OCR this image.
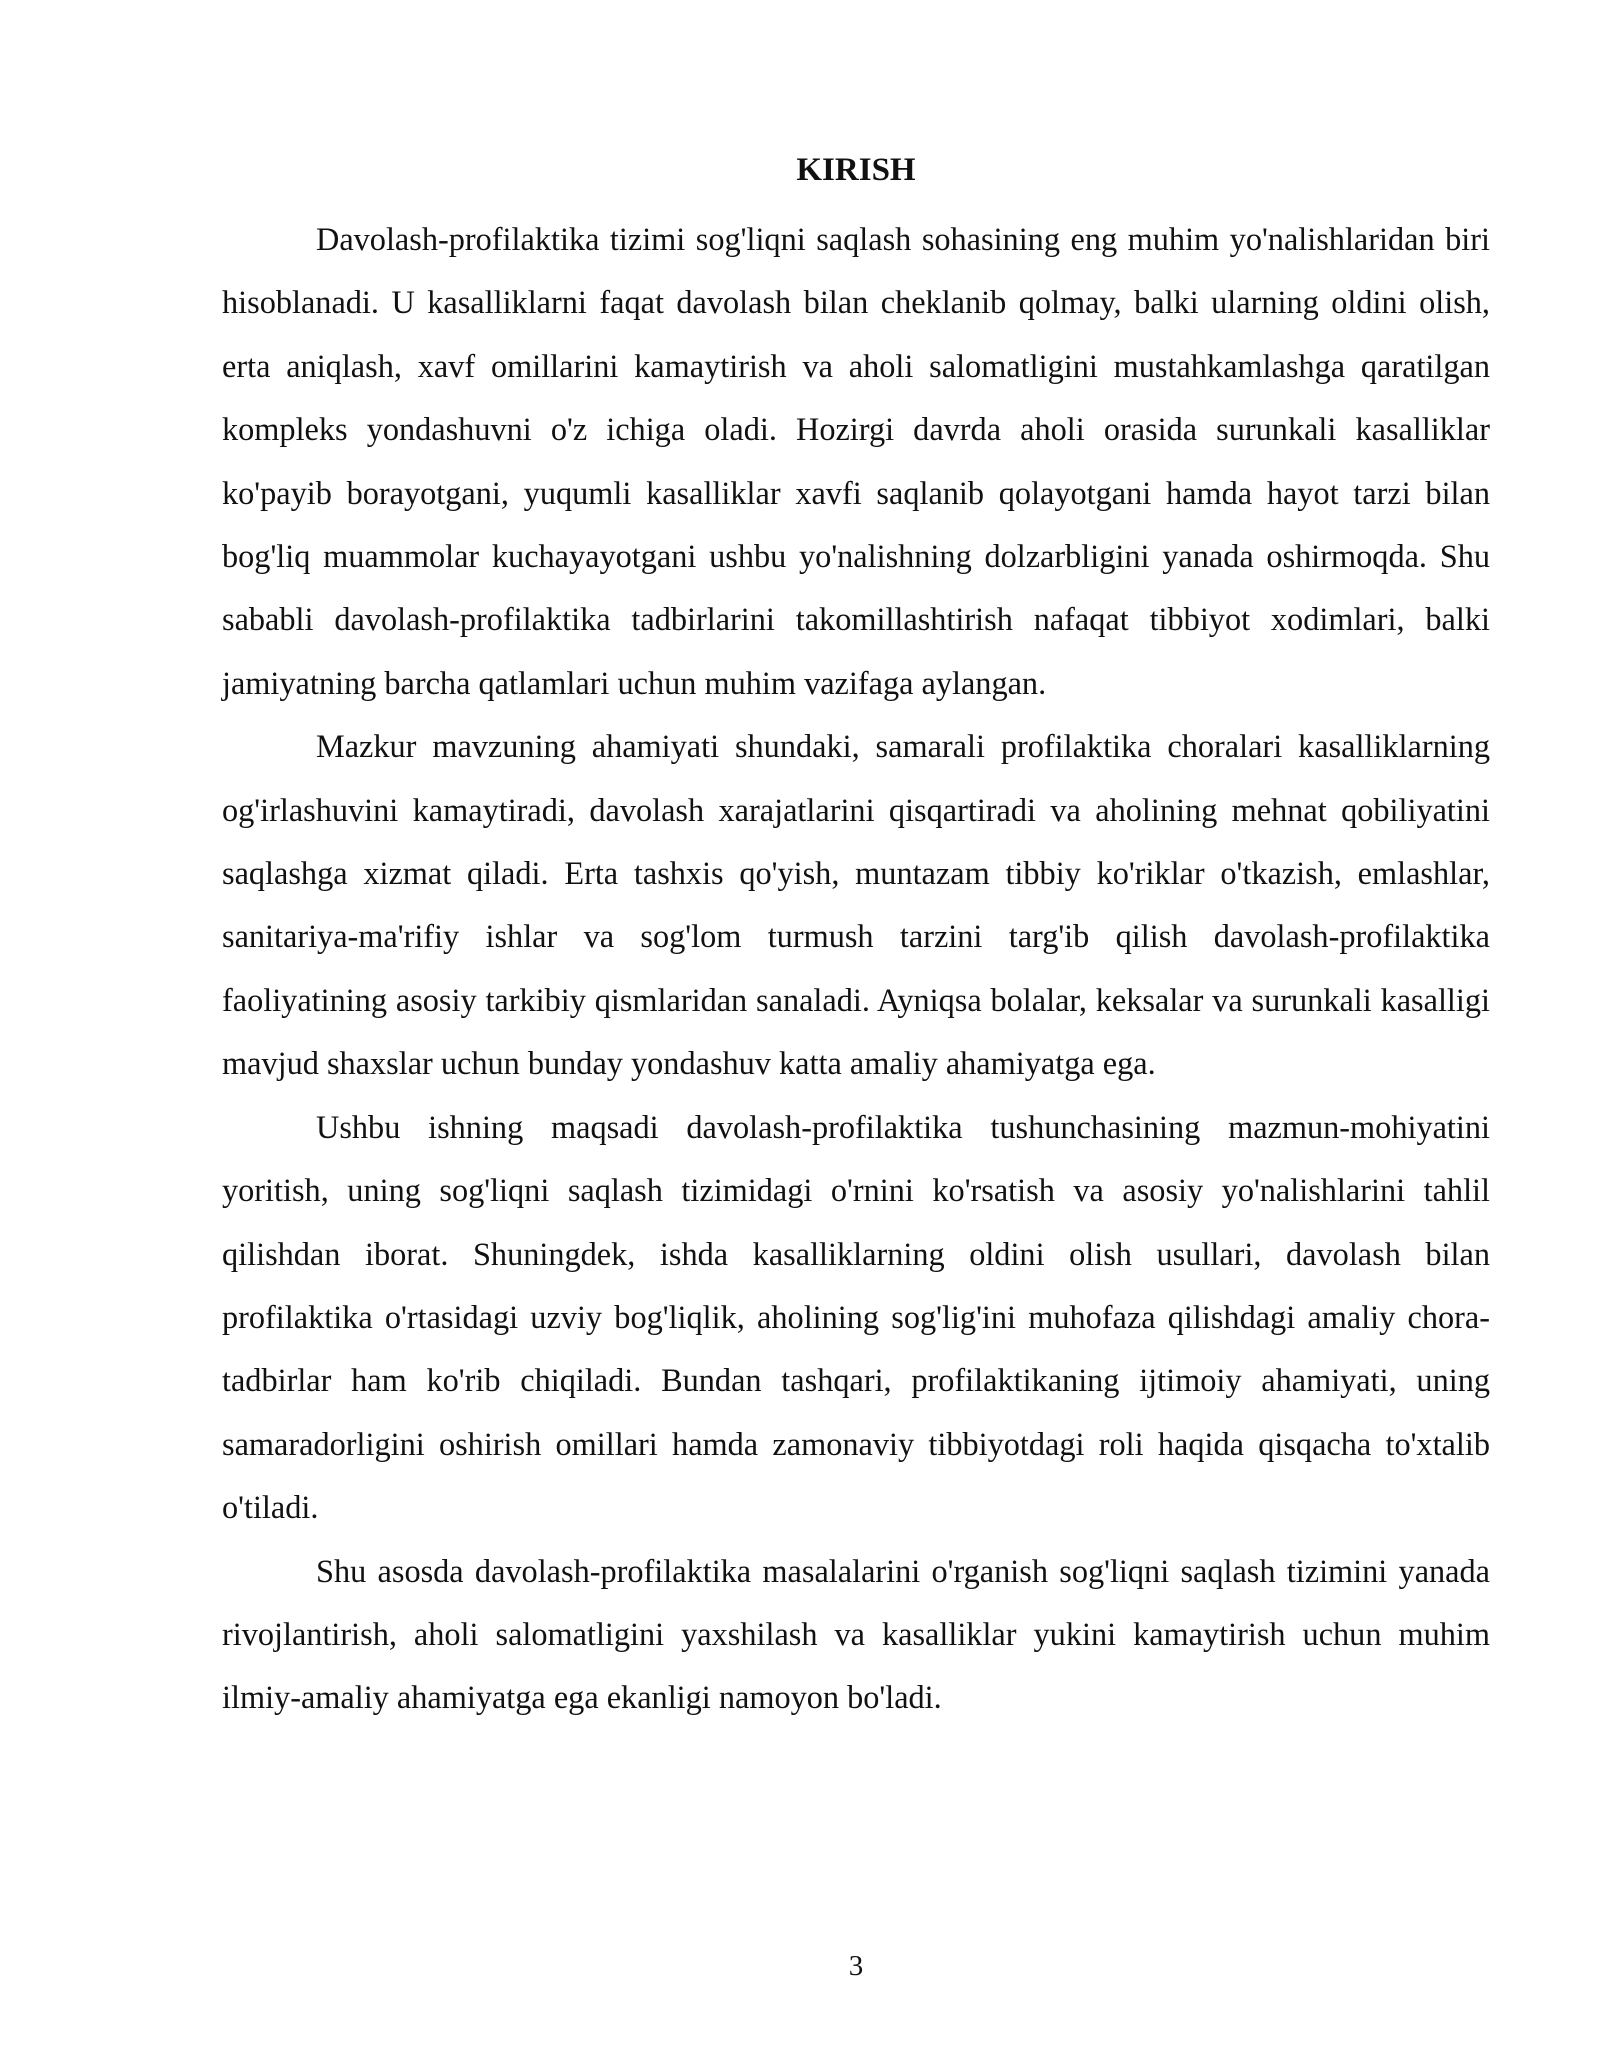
KIRISH

Davolash-profilaktika tizimi sog'liqni saqlash sohasining eng muhim yo'nalishlaridan biri hisoblanadi. U kasalliklarni faqat davolash bilan cheklanib qolmay, balki ularning oldini olish, erta aniqlash, xavf omillarini kamaytirish va aholi salomatligini mustahkamlashga qaratilgan kompleks yondashuvni o'z ichiga oladi. Hozirgi davrda aholi orasida surunkali kasalliklar ko'payib borayotgani, yuqumli kasalliklar xavfi saqlanib qolayotgani hamda hayot tarzi bilan bog'liq muammolar kuchayayotgani ushbu yo'nalishning dolzarbligini yanada oshirmoqda. Shu sababli davolash-profilaktika tadbirlarini takomillashtirish nafaqat tibbiyot xodimlari, balki jamiyatning barcha qatlamlari uchun muhim vazifaga aylangan.

Mazkur mavzuning ahamiyati shundaki, samarali profilaktika choralari kasalliklarning og'irlashuvini kamaytiradi, davolash xarajatlarini qisqartiradi va aholining mehnat qobiliyatini saqlashga xizmat qiladi. Erta tashxis qo'yish, muntazam tibbiy ko'riklar o'tkazish, emlashlar, sanitariya-ma'rifiy ishlar va sog'lom turmush tarzini targ'ib qilish davolash-profilaktika faoliyatining asosiy tarkibiy qismlaridan sanaladi. Ayniqsa bolalar, keksalar va surunkali kasalligi mavjud shaxslar uchun bunday yondashuv katta amaliy ahamiyatga ega.

Ushbu ishning maqsadi davolash-profilaktika tushunchasining mazmun-mohiyatini yoritish, uning sog'liqni saqlash tizimidagi o'rnini ko'rsatish va asosiy yo'nalishlarini tahlil qilishdan iborat. Shuningdek, ishda kasalliklarning oldini olish usullari, davolash bilan profilaktika o'rtasidagi uzviy bog'liqlik, aholining sog'lig'ini muhofaza qilishdagi amaliy chora-tadbirlar ham ko'rib chiqiladi. Bundan tashqari, profilaktikaning ijtimoiy ahamiyati, uning samaradorligini oshirish omillari hamda zamonaviy tibbiyotdagi roli haqida qisqacha to'xtalib o'tiladi.

Shu asosda davolash-profilaktika masalalarini o'rganish sog'liqni saqlash tizimini yanada rivojlantirish, aholi salomatligini yaxshilash va kasalliklar yukini kamaytirish uchun muhim ilmiy-amaliy ahamiyatga ega ekanligi namoyon bo'ladi.

3
